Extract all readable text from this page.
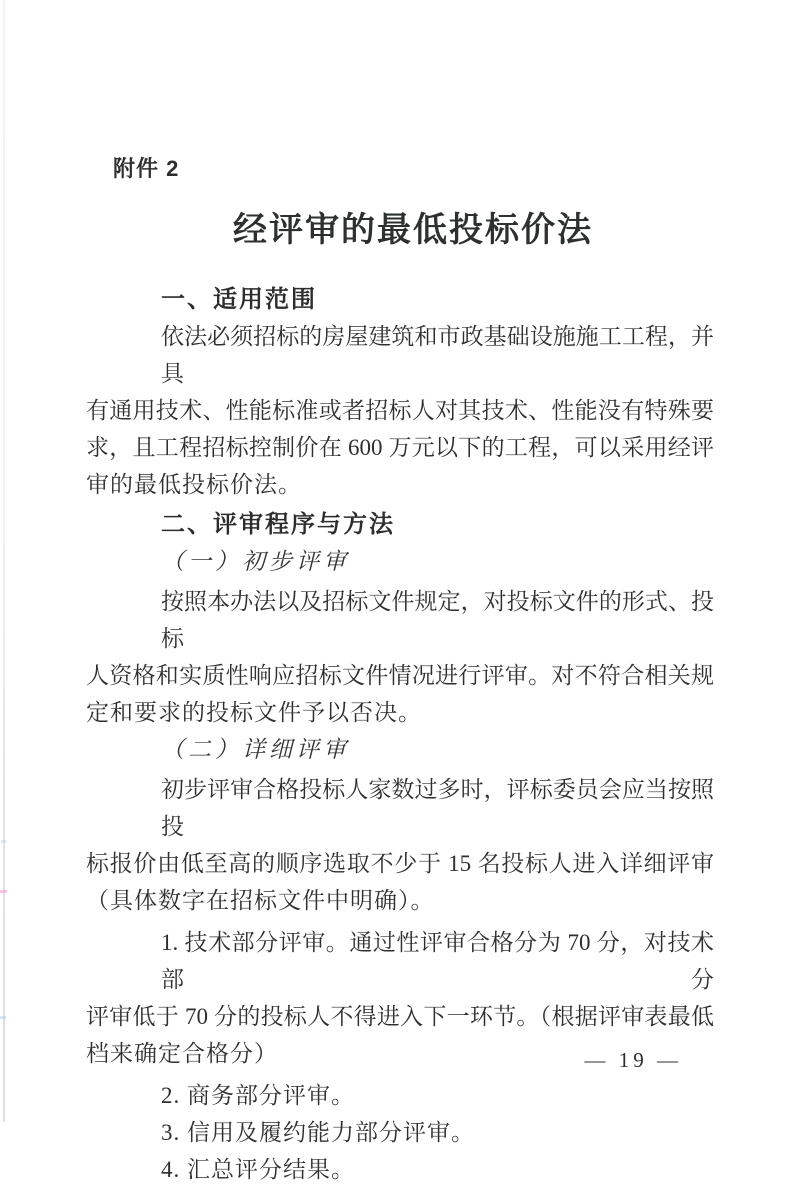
附件 2
经评审的最低投标价法
一、适用范围
依法必须招标的房屋建筑和市政基础设施施工工程，并具
有通用技术、性能标准或者招标人对其技术、性能没有特殊要
求，且工程招标控制价在 600 万元以下的工程，可以采用经评
审的最低投标价法。
二、评审程序与方法
（一）初步评审
按照本办法以及招标文件规定，对投标文件的形式、投标
人资格和实质性响应招标文件情况进行评审。对不符合相关规
定和要求的投标文件予以否决。
（二）详细评审
初步评审合格投标人家数过多时，评标委员会应当按照投
标报价由低至高的顺序选取不少于 15 名投标人进入详细评审
（具体数字在招标文件中明确）。
1. 技术部分评审。通过性评审合格分为 70 分，对技术部分
评审低于 70 分的投标人不得进入下一环节。（根据评审表最低
档来确定合格分）
2. 商务部分评审。
3. 信用及履约能力部分评审。
4. 汇总评分结果。
— 19 —
